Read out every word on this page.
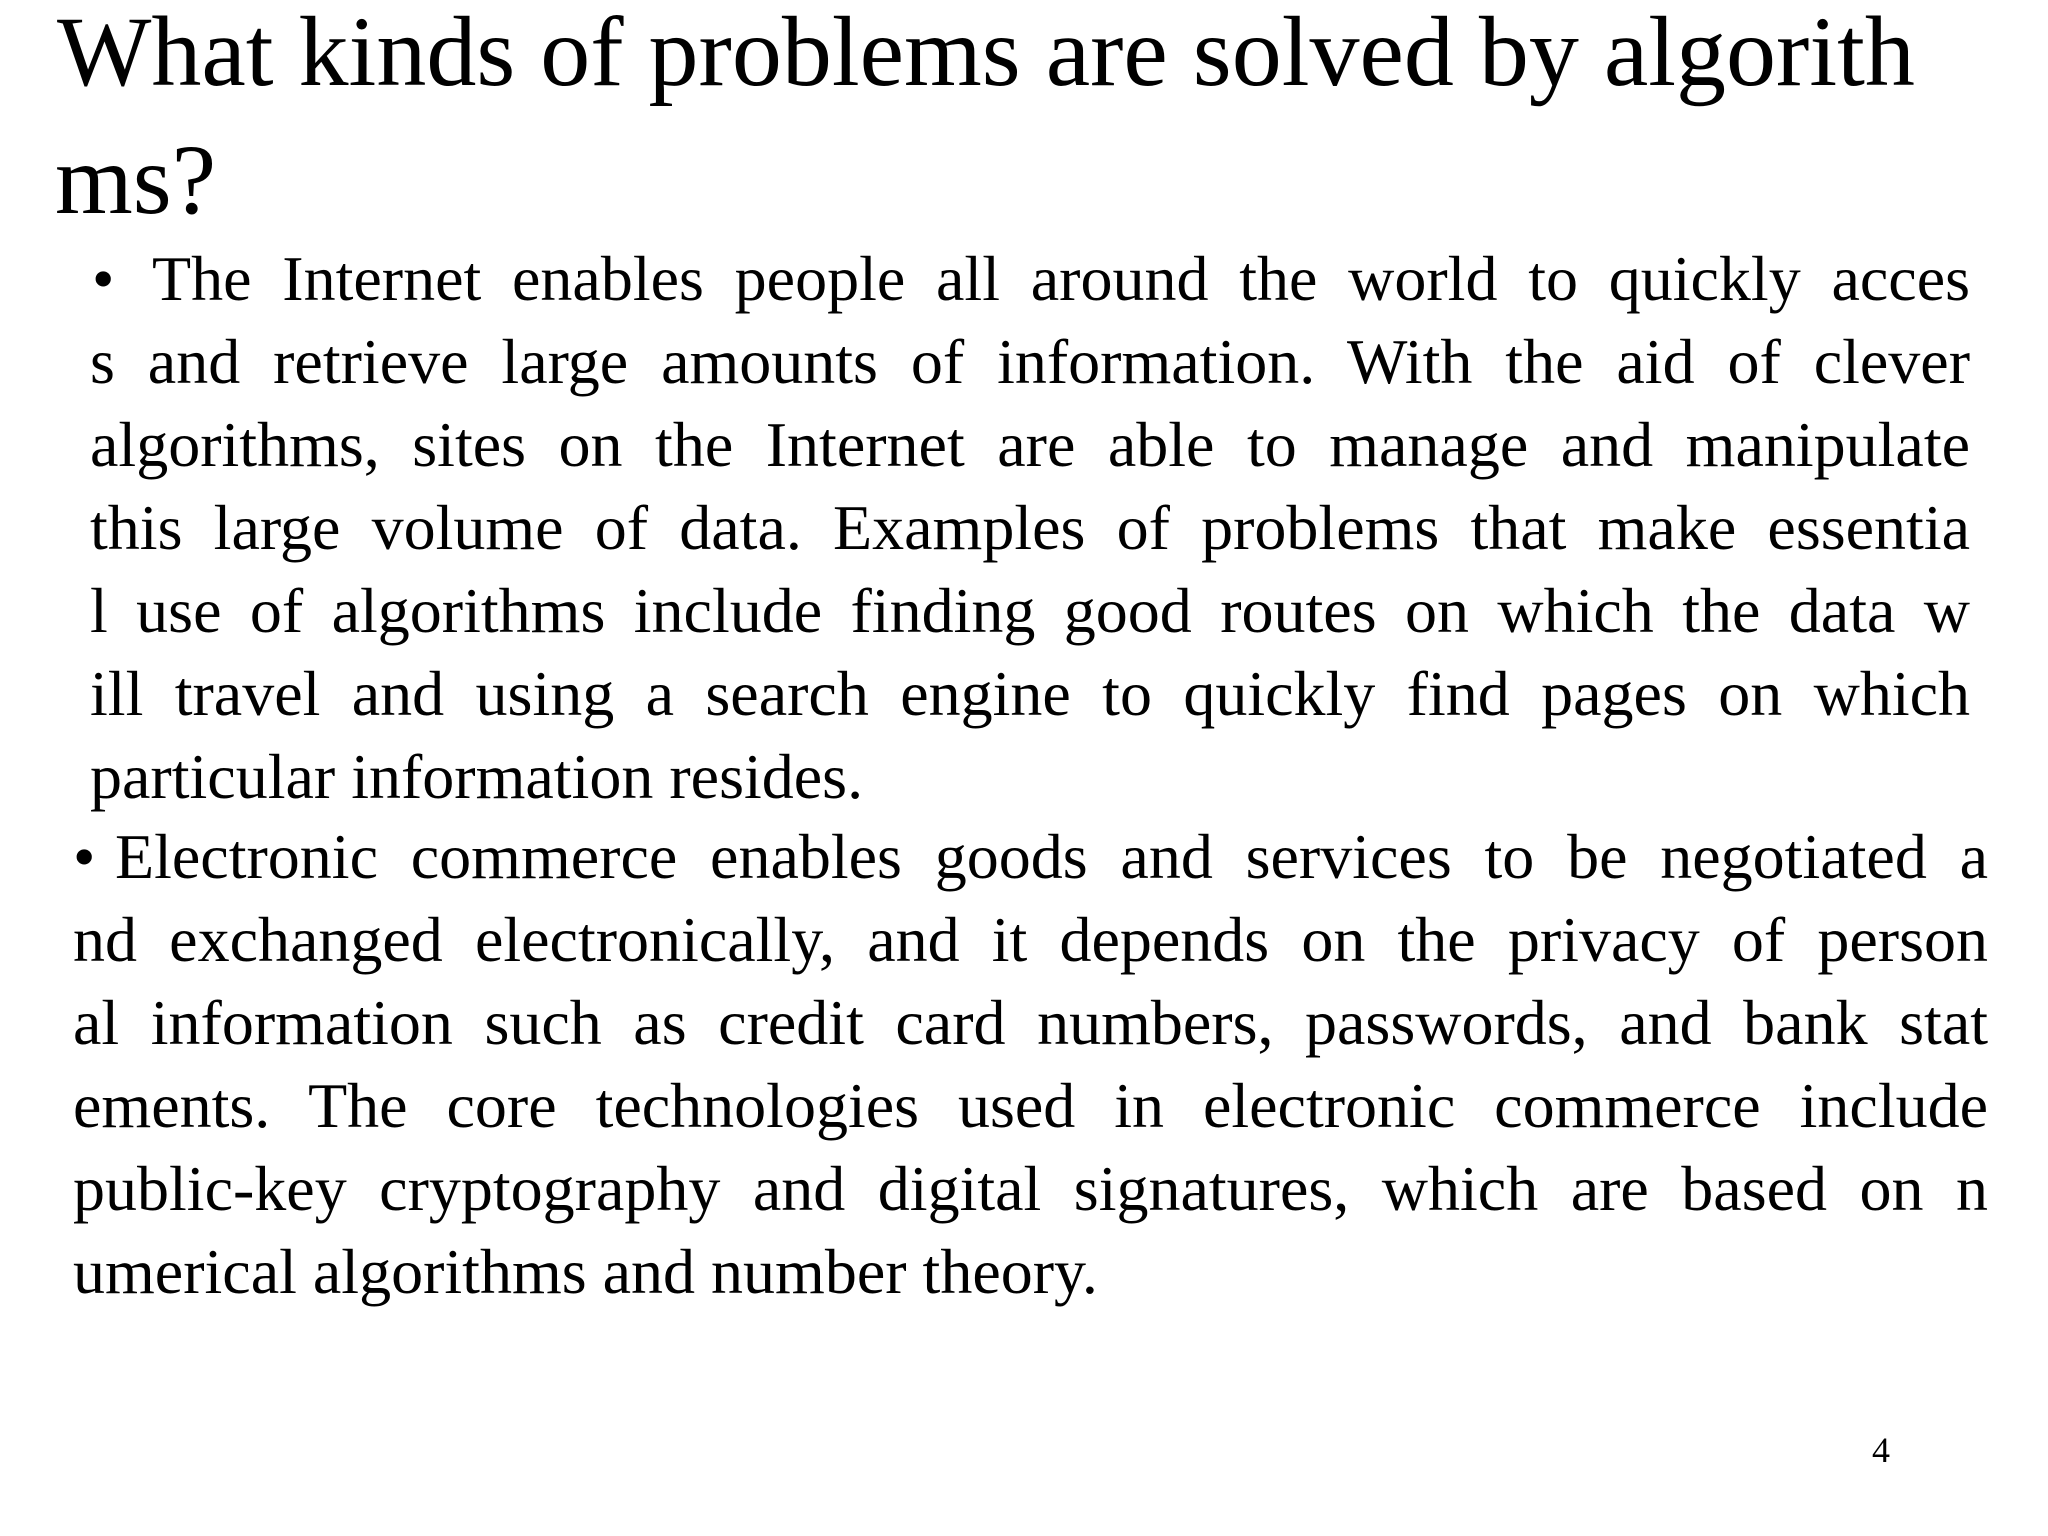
What kinds of problems are solved by algorith
ms?
• The Internet enables people all around the world to quickly acces

s and retrieve large amounts of information. With the aid of clever

algorithms, sites on the Internet are able to manage and manipulate

this large volume of data. Examples of problems that make essentia

l use of algorithms include finding good routes on which the data w

ill travel and using a search engine to quickly find pages on which

particular information resides.

• Electronic commerce enables goods and services to be negotiated a

nd exchanged electronically, and it depends on the privacy of person

al information such as credit card numbers, passwords, and bank stat

ements. The core technologies used in electronic commerce include

public-key cryptography and digital signatures, which are based on n

umerical algorithms and number theory.

4
